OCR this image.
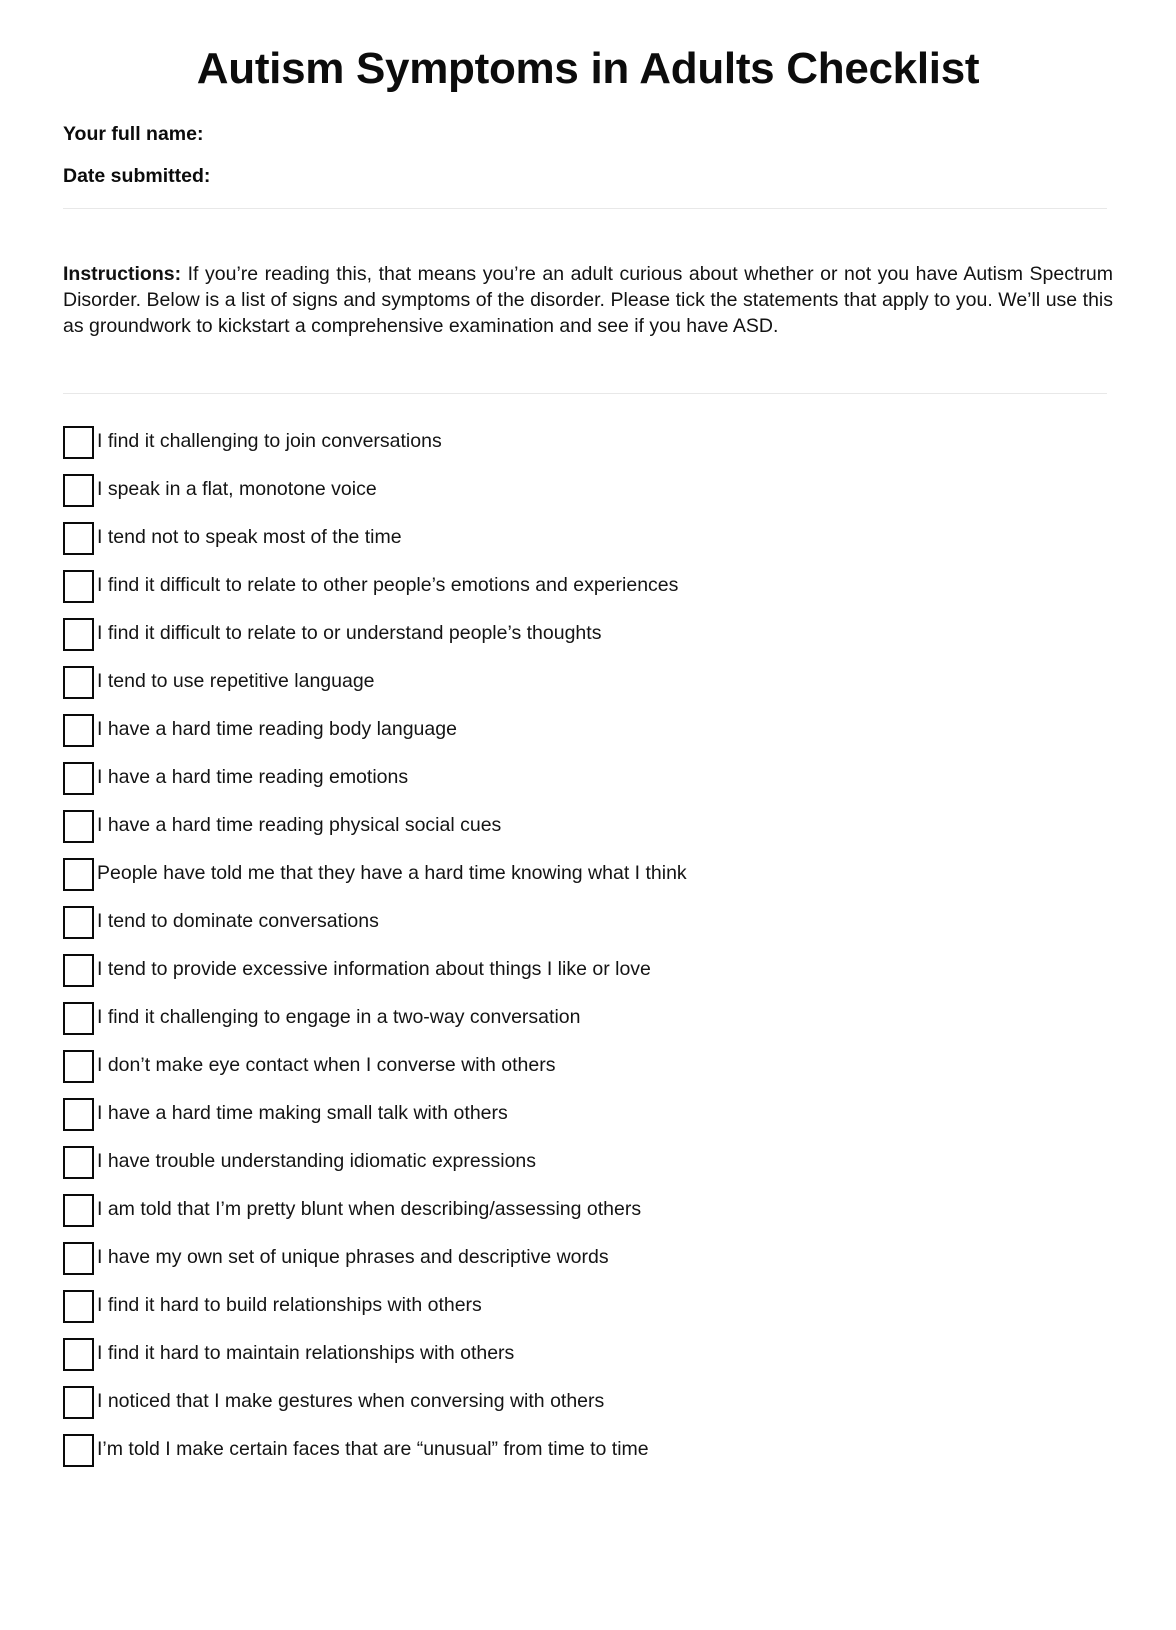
Autism Symptoms in Adults Checklist
Your full name:
Date submitted:

Instructions: If you’re reading this, that means you’re an adult curious about whether or not you have Autism Spectrum Disorder. Below is a list of signs and symptoms of the disorder. Please tick the statements that apply to you. We’ll use this as groundwork to kickstart a comprehensive examination and see if you have ASD.

I find it challenging to join conversations
I speak in a flat, monotone voice
I tend not to speak most of the time
I find it difficult to relate to other people’s emotions and experiences
I find it difficult to relate to or understand people’s thoughts
I tend to use repetitive language
I have a hard time reading body language
I have a hard time reading emotions
I have a hard time reading physical social cues
People have told me that they have a hard time knowing what I think
I tend to dominate conversations
I tend to provide excessive information about things I like or love
I find it challenging to engage in a two-way conversation
I don’t make eye contact when I converse with others
I have a hard time making small talk with others
I have trouble understanding idiomatic expressions
I am told that I’m pretty blunt when describing/assessing others
I have my own set of unique phrases and descriptive words
I find it hard to build relationships with others
I find it hard to maintain relationships with others
I noticed that I make gestures when conversing with others
I’m told I make certain faces that are “unusual” from time to time
